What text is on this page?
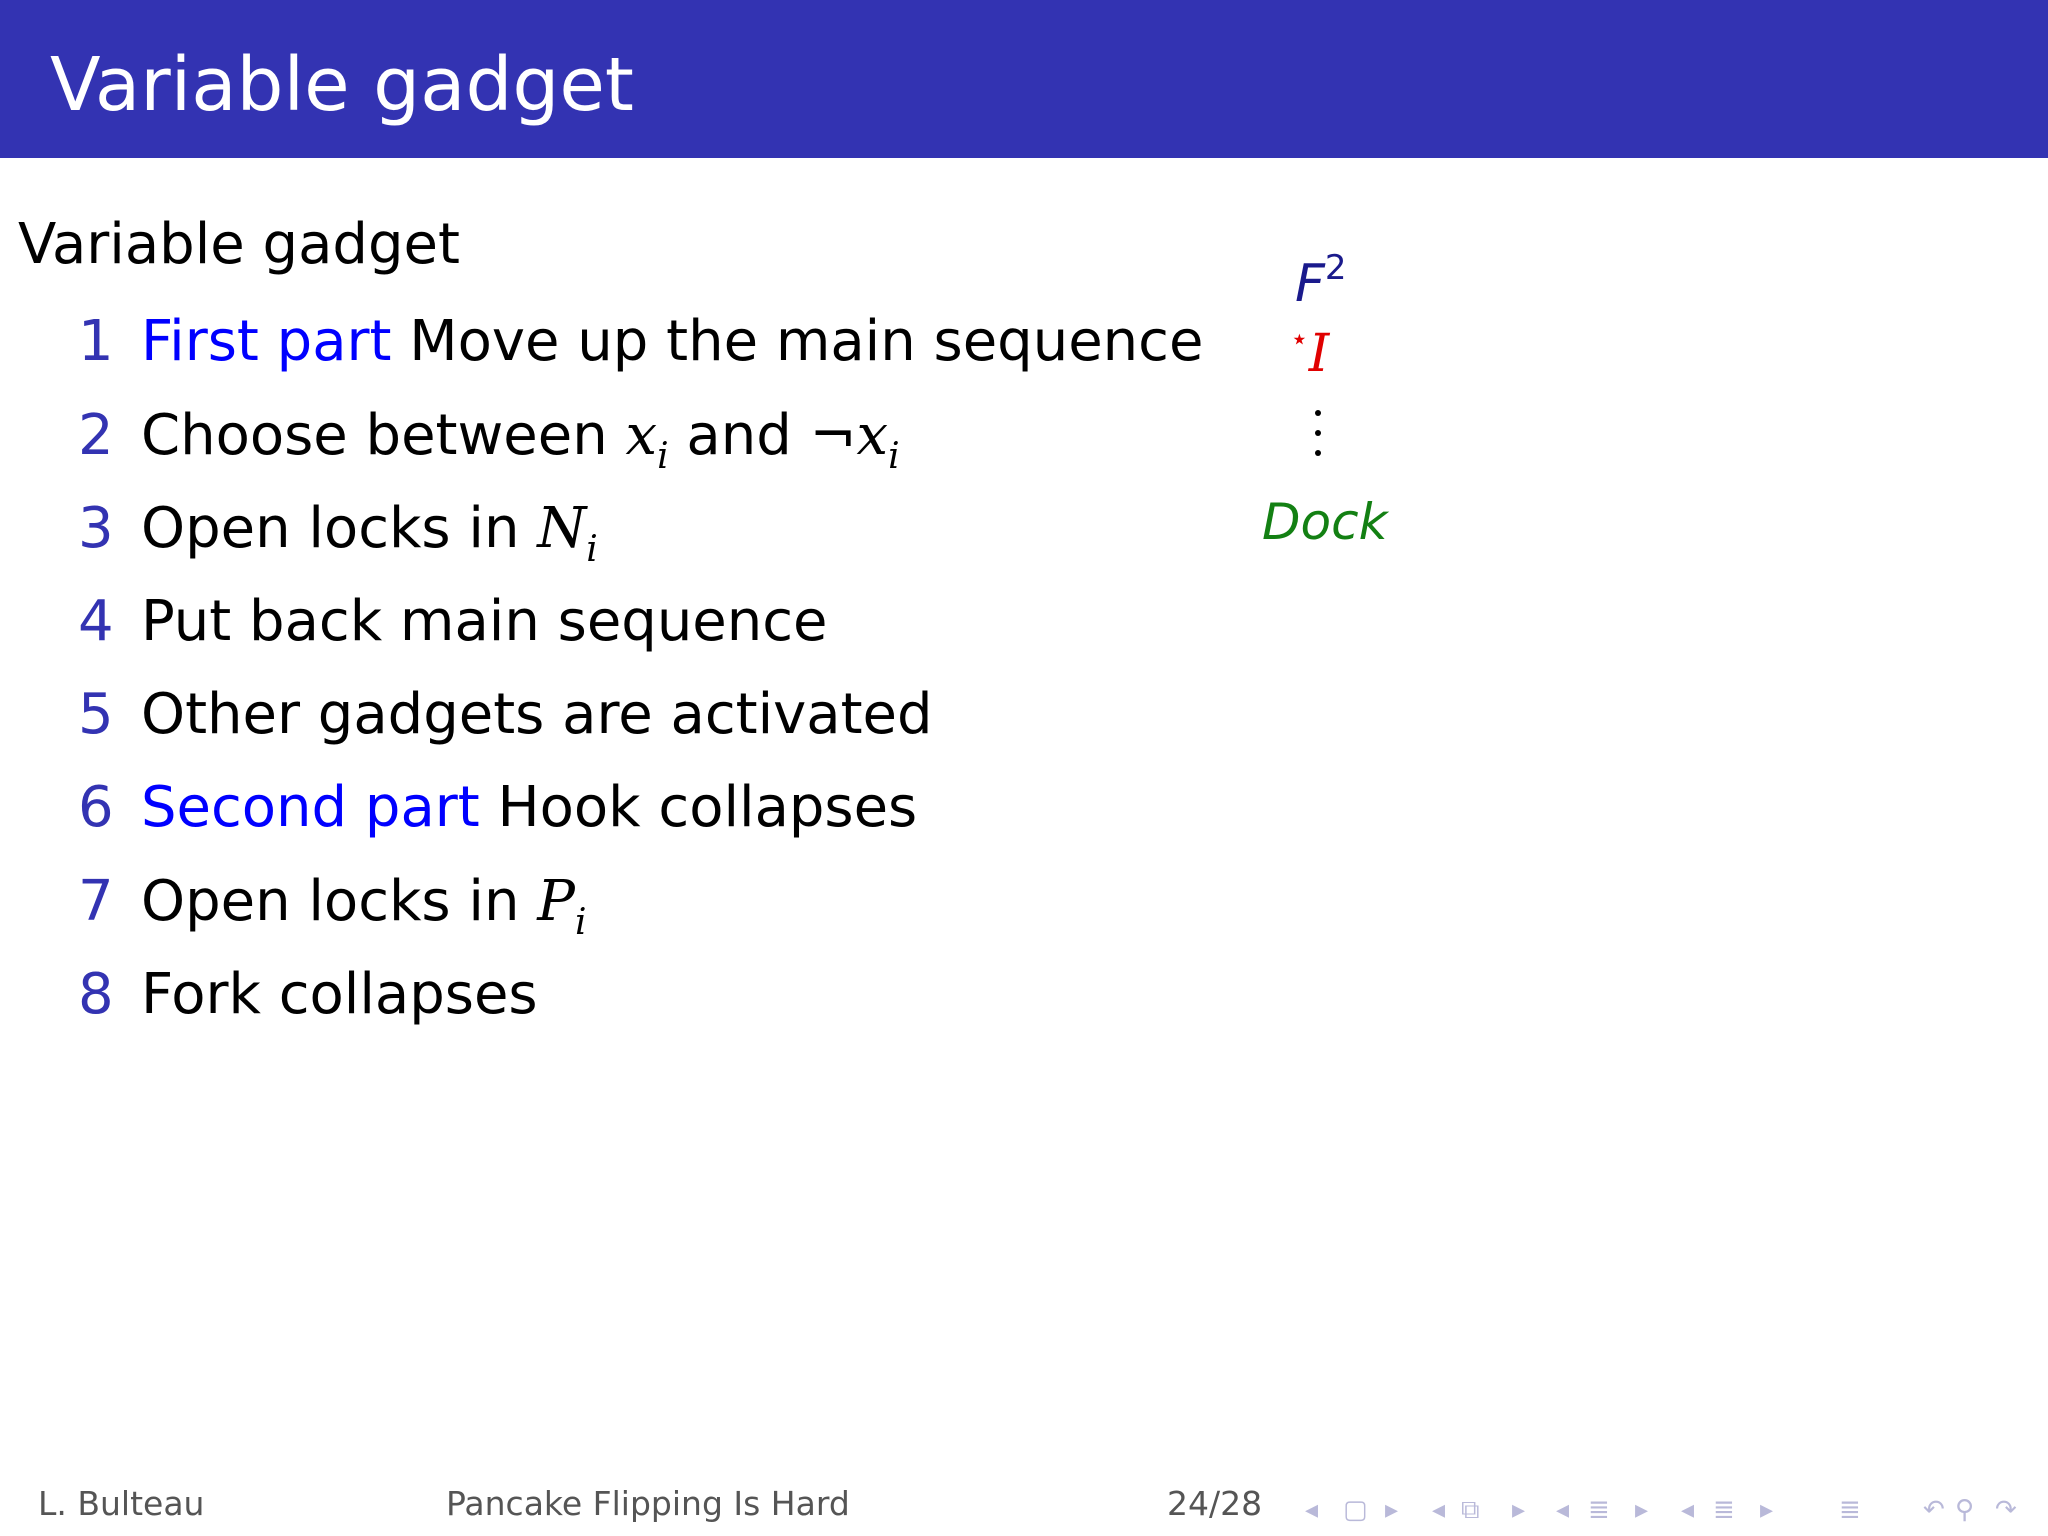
Variable gadget
Variable gadget
1 First part Move up the main sequence
2 Choose between $x_i$ and $\neg x_i$
3 Open locks in $N_i$
4 Put back main sequence
5 Other gadgets are activated
6 Second part Hook collapses
7 Open locks in $P_i$
8 Fork collapses
$F^2$
⋆I
Dock
L. Bulteau	Pancake Flipping Is Hard	24/28 ◂ ▢ ▸ ◂ ⧉ ▸ ◂ ≣ ▸ ◂ ≣ ▸	≣ ↶ ⚲ ↷
